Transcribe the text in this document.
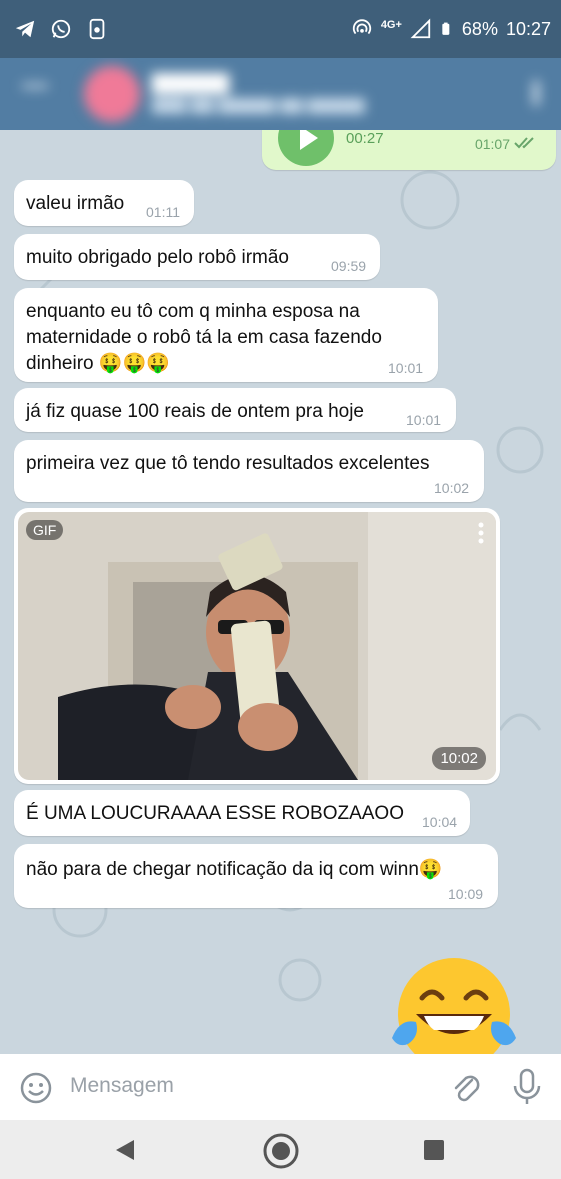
4G+	68% 10:27
▇▇▇▇▇
▇▇▇ ▇▇ ▇▇▇▇▇ ▇▇ ▇▇▇▇▇
00:27	01:07
valeu irmão 01:11
muito obrigado pelo robô irmão	09:59
enquanto eu tô com q minha esposa na
maternidade o robô tá la em casa fazendo
dinheiro 🤑🤑🤑	10:01
já fiz quase 100 reais de ontem pra hoje	10:01
primeira vez que tô tendo resultados excelentes
10:02
GIF
10:02
É UMA LOUCURAAAA ESSE ROBOZAAOO 10:04
não para de chegar notificação da iq com winn🤑
10:09
Mensagem
